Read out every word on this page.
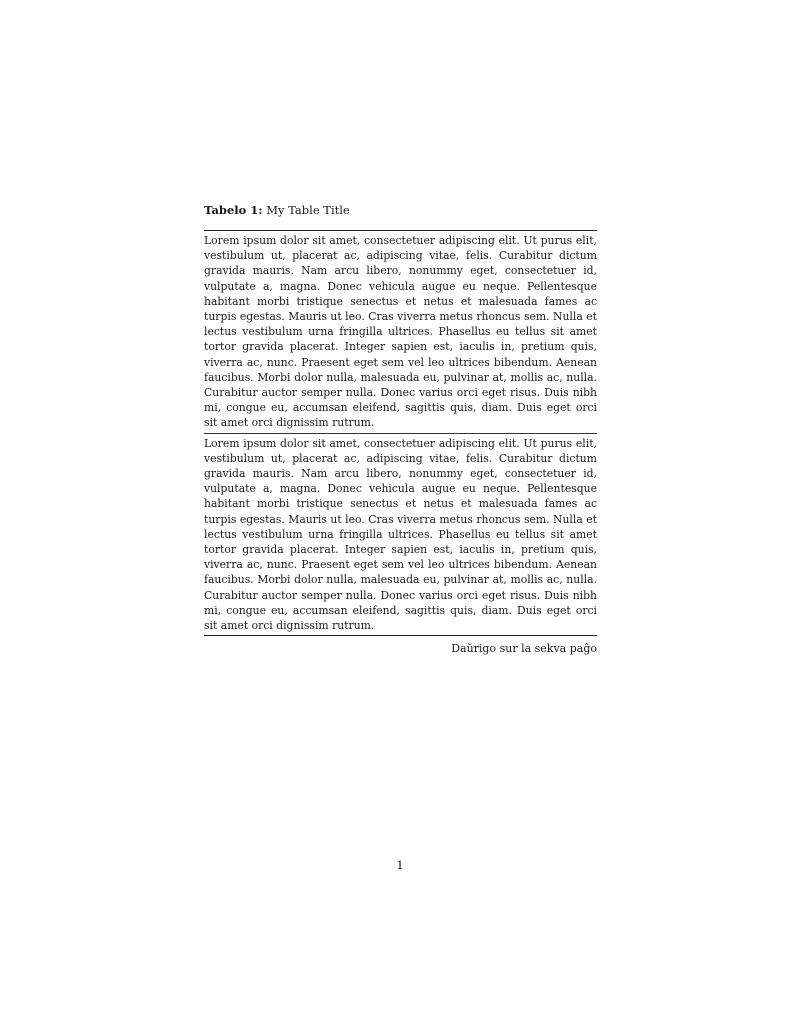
Tabelo 1: My Table Title

Lorem ipsum dolor sit amet, consectetuer adipiscing elit. Ut purus elit, vestibulum ut, placerat ac, adipiscing vitae, felis. Curabitur dictum gravida mauris. Nam arcu libero, nonummy eget, consectetuer id, vulputate a, magna. Donec vehicula augue eu neque. Pellentesque habitant morbi tristique senectus et netus et malesuada fames ac turpis egestas. Mauris ut leo. Cras viverra metus rhoncus sem. Nulla et lectus vestibulum urna fringilla ultrices. Phasellus eu tellus sit amet tortor gravida placerat. Integer sapien est, iaculis in, pretium quis, viverra ac, nunc. Praesent eget sem vel leo ultrices bibendum. Aenean faucibus. Morbi dolor nulla, malesuada eu, pulvinar at, mollis ac, nulla. Curabitur auctor semper nulla. Donec varius orci eget risus. Duis nibh mi, congue eu, accumsan eleifend, sagittis quis, diam. Duis eget orci sit amet orci dignissim rutrum.

Lorem ipsum dolor sit amet, consectetuer adipiscing elit. Ut purus elit, vestibulum ut, placerat ac, adipiscing vitae, felis. Curabitur dictum gravida mauris. Nam arcu libero, nonummy eget, consectetuer id, vulputate a, magna. Donec vehicula augue eu neque. Pellentesque habitant morbi tristique senectus et netus et malesuada fames ac turpis egestas. Mauris ut leo. Cras viverra metus rhoncus sem. Nulla et lectus vestibulum urna fringilla ultrices. Phasellus eu tellus sit amet tortor gravida placerat. Integer sapien est, iaculis in, pretium quis, viverra ac, nunc. Praesent eget sem vel leo ultrices bibendum. Aenean faucibus. Morbi dolor nulla, malesuada eu, pulvinar at, mollis ac, nulla. Curabitur auctor semper nulla. Donec varius orci eget risus. Duis nibh mi, congue eu, accumsan eleifend, sagittis quis, diam. Duis eget orci sit amet orci dignissim rutrum.

Daŭrigo sur la sekva paĝo
1
